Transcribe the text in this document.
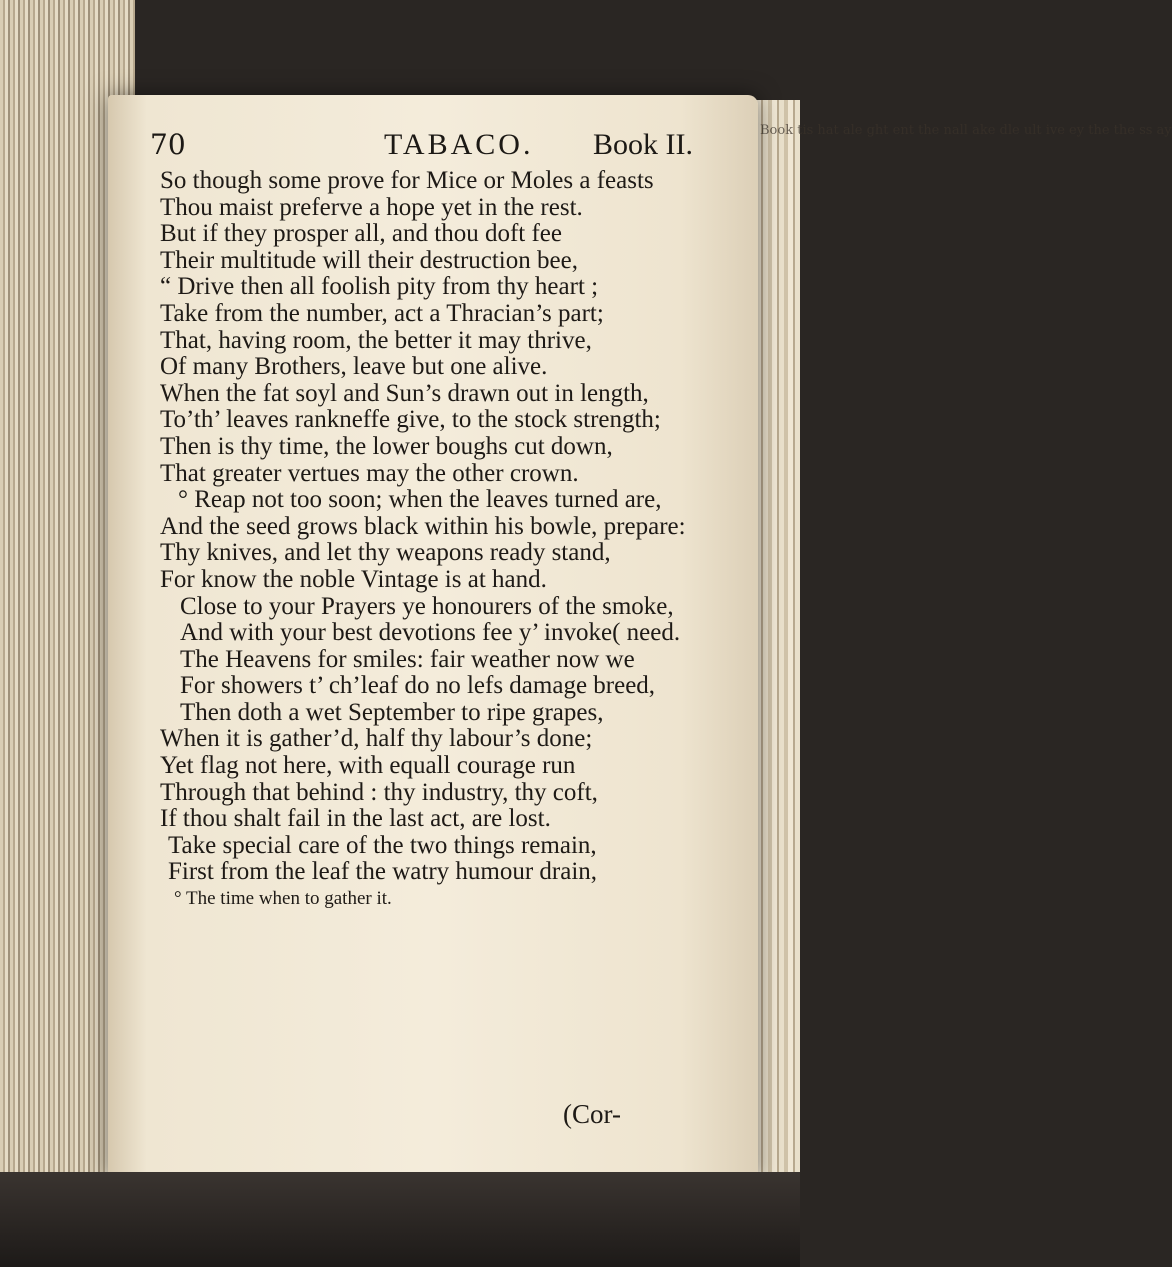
Book tis hat ale ght ent the nall ake dle ult ive ey the the ss ay
70	TABACO. Book II.
So though some prove for Mice or Moles a feasts
Thou maist preferve a hope yet in the rest.
But if they prosper all, and thou doft fee
Their multitude will their destruction bee,
“ Drive then all foolish pity from thy heart ;
Take from the number, act a Thracian’s part;
That, having room, the better it may thrive,
Of many Brothers, leave but one alive.
When the fat soyl and Sun’s drawn out in length,
To’th’ leaves rankneffe give, to the stock strength;
Then is thy time, the lower boughs cut down,
That greater vertues may the other crown.
° Reap not too soon; when the leaves turned are,
And the seed grows black within his bowle, prepare:
Thy knives, and let thy weapons ready stand,
For know the noble Vintage is at hand.
Close to your Prayers ye honourers of the smoke,
And with your best devotions fee y’ invoke( need.
The Heavens for smiles: fair weather now we
For showers t’ ch’leaf do no lefs damage breed,
Then doth a wet September to ripe grapes,
When it is gather’d, half thy labour’s done;
Yet flag not here, with equall courage run
Through that behind : thy industry, thy coft,
If thou shalt fail in the last act, are lost.
Take special care of the two things remain,
First from the leaf the watry humour drain,
° The time when to gather it.
(Cor-
